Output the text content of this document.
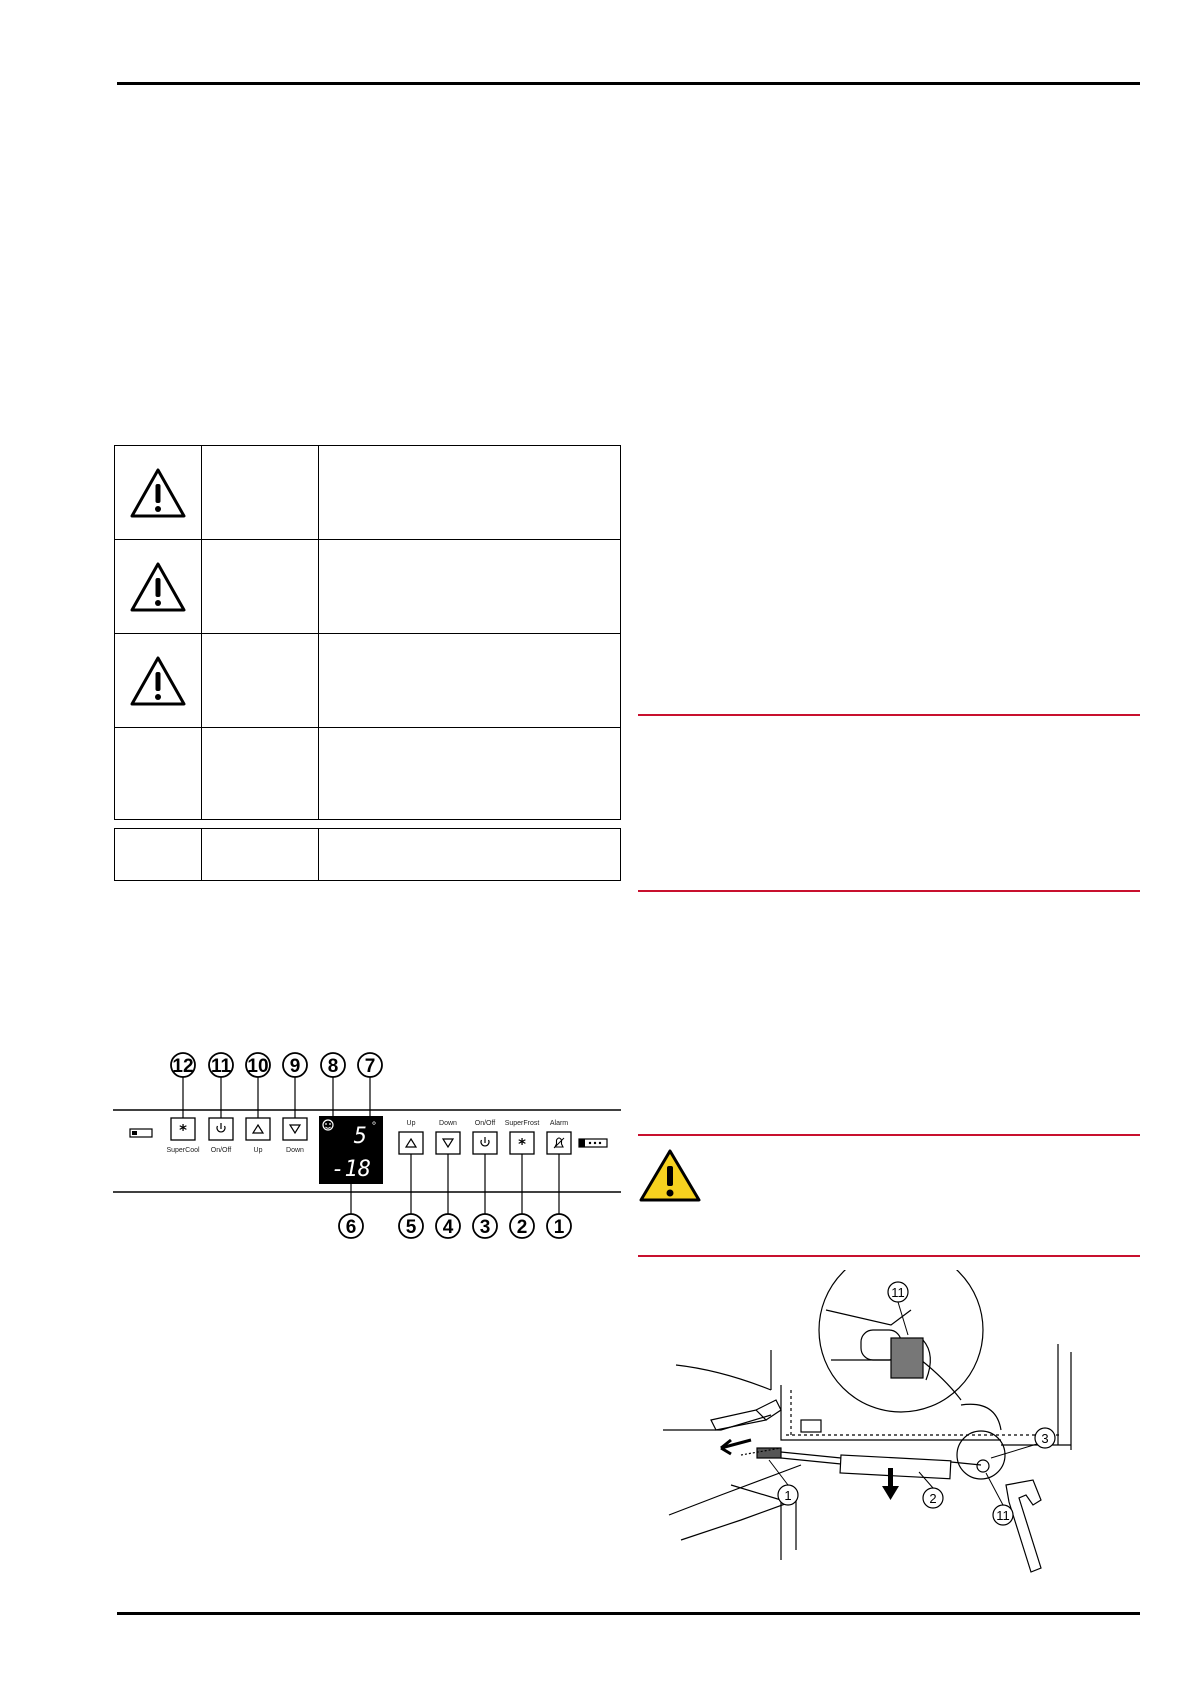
12 11 10 9 8 7
*
SuperCool On/Off	Up	Down
5 °
-18
Up	Down	On/Off SuperFrost Alarm
*
6	5 4 3 2 1
11
1	2
3
11
